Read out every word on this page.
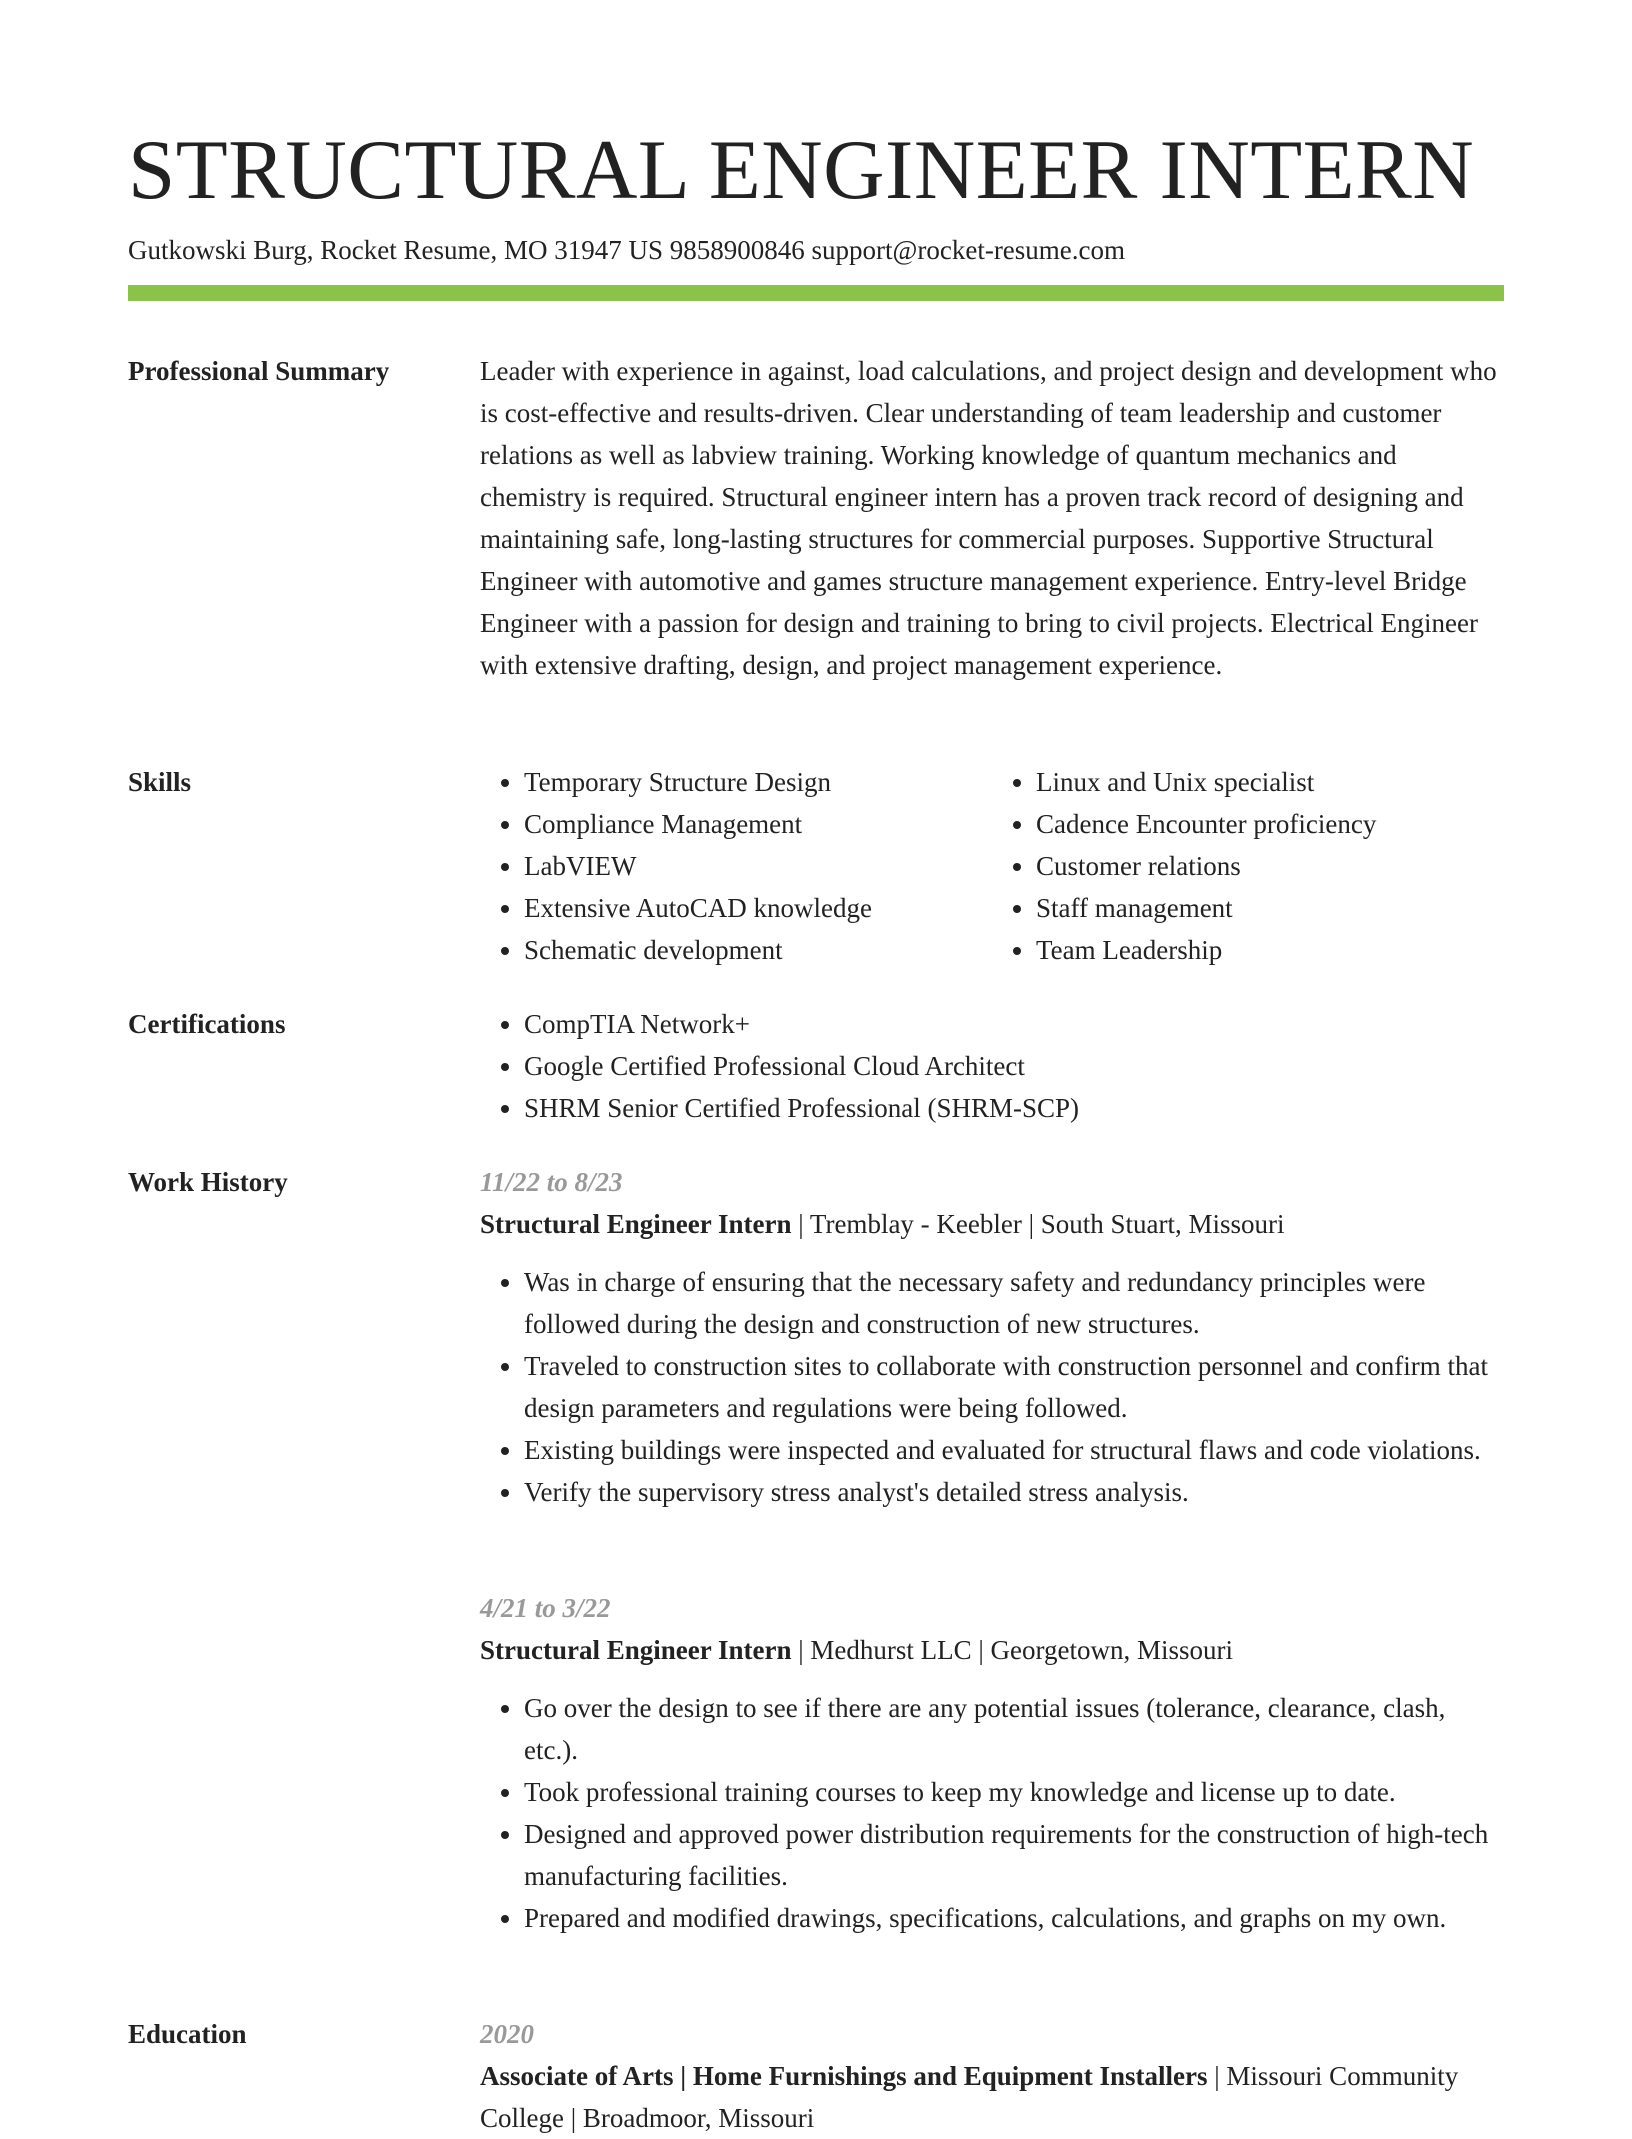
STRUCTURAL ENGINEER INTERN
Gutkowski Burg, Rocket Resume, MO 31947 US 9858900846 support@rocket-resume.com
Professional Summary	Leader with experience in against, load calculations, and project design and development who is cost-effective and results-driven. Clear understanding of team leadership and customer relations as well as labview training. Working knowledge of quantum mechanics and chemistry is required. Structural engineer intern has a proven track record of designing and maintaining safe, long-lasting structures for commercial purposes. Supportive Structural Engineer with automotive and games structure management experience. Entry-level Bridge Engineer with a passion for design and training to bring to civil projects. Electrical Engineer with extensive drafting, design, and project management experience.

Skills	• Temporary Structure Design
• Compliance Management
• LabVIEW
• Extensive AutoCAD knowledge
• Schematic development
• Linux and Unix specialist
• Cadence Encounter proficiency
• Customer relations
• Staff management
• Team Leadership
Certifications	• CompTIA Network+
• Google Certified Professional Cloud Architect
• SHRM Senior Certified Professional (SHRM-SCP)
Work History	11/22 to 8/23
Structural Engineer Intern | Tremblay - Keebler | South Stuart, Missouri
• Was in charge of ensuring that the necessary safety and redundancy principles were followed during the design and construction of new structures.
• Traveled to construction sites to collaborate with construction personnel and confirm that design parameters and regulations were being followed.
• Existing buildings were inspected and evaluated for structural flaws and code violations.
• Verify the supervisory stress analyst's detailed stress analysis.
4/21 to 3/22
Structural Engineer Intern | Medhurst LLC | Georgetown, Missouri
• Go over the design to see if there are any potential issues (tolerance, clearance, clash, etc.).
• Took professional training courses to keep my knowledge and license up to date.
• Designed and approved power distribution requirements for the construction of high-tech manufacturing facilities.
• Prepared and modified drawings, specifications, calculations, and graphs on my own.
Education	2020
Associate of Arts | Home Furnishings and Equipment Installers | Missouri Community College | Broadmoor, Missouri
